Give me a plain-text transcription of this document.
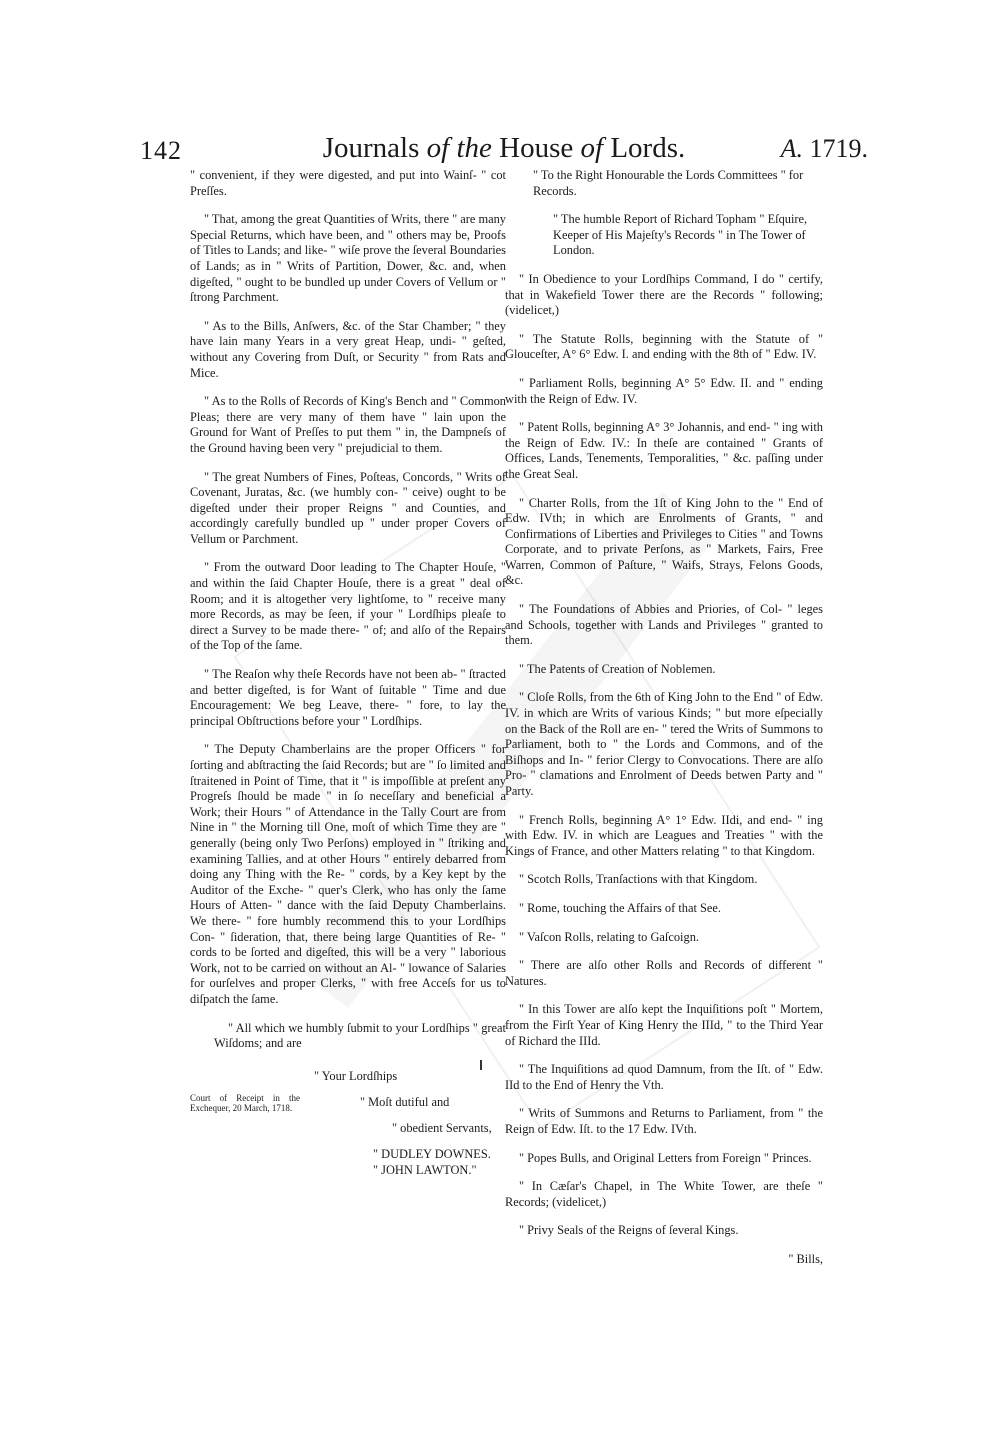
142	Journals of the House of Lords.	A. 1719.

" convenient, if they were digested, and put into Wainſ- " cot Preſſes.

" That, among the great Quantities of Writs, there " are many Special Returns, which have been, and " others may be, Proofs of Titles to Lands; and like- " wiſe prove the ſeveral Boundaries of Lands; as in " Writs of Partition, Dower, &c. and, when digeſted, " ought to be bundled up under Covers of Vellum or " ſtrong Parchment.

" As to the Bills, Anſwers, &c. of the Star Chamber; " they have lain many Years in a very great Heap, undi- " geſted, without any Covering from Duſt, or Security " from Rats and Mice.

" As to the Rolls of Records of King's Bench and " Common Pleas; there are very many of them have " lain upon the Ground for Want of Preſſes to put them " in, the Dampneſs of the Ground having been very " prejudicial to them.

" The great Numbers of Fines, Poſteas, Concords, " Writs of Covenant, Juratas, &c. (we humbly con- " ceive) ought to be digeſted under their proper Reigns " and Counties, and accordingly carefully bundled up " under proper Covers of Vellum or Parchment.

" From the outward Door leading to The Chapter Houſe, " and within the ſaid Chapter Houſe, there is a great " deal of Room; and it is altogether very lightſome, to " receive many more Records, as may be ſeen, if your " Lordſhips pleaſe to direct a Survey to be made there- " of; and alſo of the Repairs of the Top of the ſame.

" The Reaſon why theſe Records have not been ab- " ſtracted and better digeſted, is for Want of ſuitable " Time and due Encouragement: We beg Leave, there- " fore, to lay the principal Obſtructions before your " Lordſhips.

" The Deputy Chamberlains are the proper Officers " for ſorting and abſtracting the ſaid Records; but are " ſo limited and ſtraitened in Point of Time, that it " is impoſſible at preſent any Progreſs ſhould be made " in ſo neceſſary and beneficial a Work; their Hours " of Attendance in the Tally Court are from Nine in " the Morning till One, moſt of which Time they are " generally (being only Two Perſons) employed in " ſtriking and examining Tallies, and at other Hours " entirely debarred from doing any Thing with the Re- " cords, by a Key kept by the Auditor of the Exche- " quer's Clerk, who has only the ſame Hours of Atten- " dance with the ſaid Deputy Chamberlains. We there- " fore humbly recommend this to your Lordſhips Con- " ſideration, that, there being large Quantities of Re- " cords to be ſorted and digeſted, this will be a very " laborious Work, not to be carried on without an Al- " lowance of Salaries for ourſelves and proper Clerks, " with free Acceſs for us to diſpatch the ſame.

" All which we humbly ſubmit to your Lordſhips " great Wiſdoms; and are

Court of Receipt in the Exchequer, 20 March, 1718.
" Your Lordſhips
" Moſt dutiful and
" obedient Servants,
" DUDLEY DOWNES.
" JOHN LAWTON."

" To the Right Honourable the Lords Committees " for Records.

" The humble Report of Richard Topham " Eſquire, Keeper of His Majeſty's Records " in The Tower of London.

" In Obedience to your Lordſhips Command, I do " certify, that in Wakefield Tower there are the Records " following; (videlicet,)

" The Statute Rolls, beginning with the Statute of " Glouceſter, A° 6° Edw. I. and ending with the 8th of " Edw. IV.

" Parliament Rolls, beginning A° 5° Edw. II. and " ending with the Reign of Edw. IV.

" Patent Rolls, beginning A° 3° Johannis, and end- " ing with the Reign of Edw. IV.: In theſe are contained " Grants of Offices, Lands, Tenements, Temporalities, " &c. paſſing under the Great Seal.

" Charter Rolls, from the 1ſt of King John to the " End of Edw. IVth; in which are Enrolments of Grants, " and Confirmations of Liberties and Privileges to Cities " and Towns Corporate, and to private Perſons, as " Markets, Fairs, Free Warren, Common of Paſture, " Waifs, Strays, Felons Goods, &c.

" The Foundations of Abbies and Priories, of Col- " leges and Schools, together with Lands and Privileges " granted to them.

" The Patents of Creation of Noblemen.

" Cloſe Rolls, from the 6th of King John to the End " of Edw. IV. in which are Writs of various Kinds; " but more eſpecially on the Back of the Roll are en- " tered the Writs of Summons to Parliament, both to " the Lords and Commons, and of the Biſhops and In- " ferior Clergy to Convocations. There are alſo Pro- " clamations and Enrolment of Deeds betwen Party and " Party.

" French Rolls, beginning A° 1° Edw. IIdi, and end- " ing with Edw. IV. in which are Leagues and Treaties " with the Kings of France, and other Matters relating " to that Kingdom.

" Scotch Rolls, Tranſactions with that Kingdom.

" Rome, touching the Affairs of that See.

" Vaſcon Rolls, relating to Gaſcoign.

" There are alſo other Rolls and Records of different " Natures.

" In this Tower are alſo kept the Inquiſitions poſt " Mortem, from the Firſt Year of King Henry the IIId, " to the Third Year of Richard the IIId.

" The Inquiſitions ad quod Damnum, from the Iſt. of " Edw. IId to the End of Henry the Vth.

" Writs of Summons and Returns to Parliament, from " the Reign of Edw. Iſt. to the 17 Edw. IVth.

" Popes Bulls, and Original Letters from Foreign " Princes.

" In Cæſar's Chapel, in The White Tower, are theſe " Records; (videlicet,)

" Privy Seals of the Reigns of ſeveral Kings.

" Bills,
